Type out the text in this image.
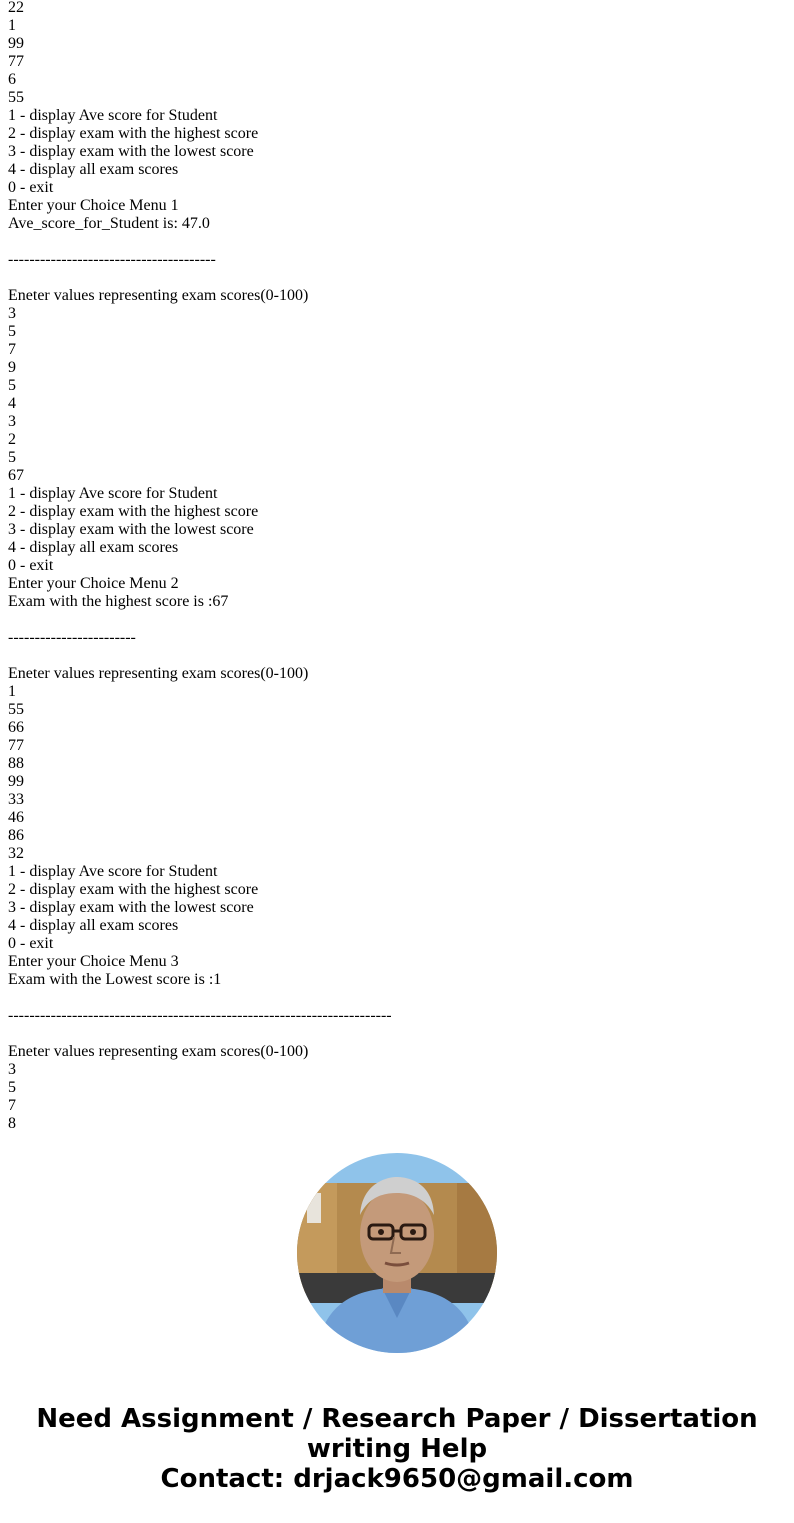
22
1
99
77
6
55
1 - display Ave score for Student
2 - display exam with the highest score
3 - display exam with the lowest score
4 - display all exam scores
0 - exit
Enter your Choice Menu 1
Ave_score_for_Student is: 47.0
---------------------------------------
Eneter values representing exam scores(0-100)
3
5
7
9
5
4
3
2
5
67
1 - display Ave score for Student
2 - display exam with the highest score
3 - display exam with the lowest score
4 - display all exam scores
0 - exit
Enter your Choice Menu 2
Exam with the highest score is :67
------------------------
Eneter values representing exam scores(0-100)
1
55
66
77
88
99
33
46
86
32
1 - display Ave score for Student
2 - display exam with the highest score
3 - display exam with the lowest score
4 - display all exam scores
0 - exit
Enter your Choice Menu 3
Exam with the Lowest score is :1
------------------------------------------------------------------------
Eneter values representing exam scores(0-100)
3
5
7
8
Need Assignment / Research Paper / Dissertation
writing Help
Contact: drjack9650@gmail.com
